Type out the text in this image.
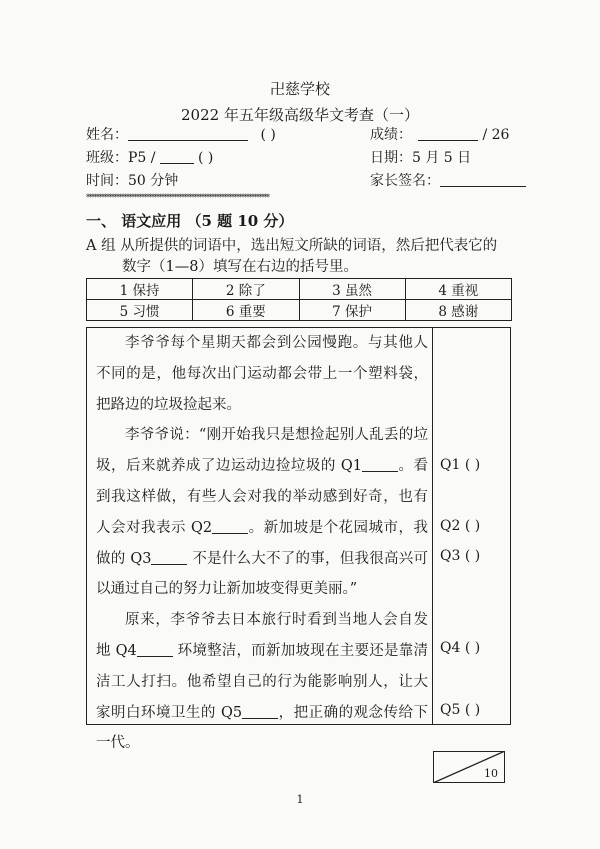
卍慈学校
2022 年五年级高级华文考查（一）
姓名：	( )	成绩：	/ 26
班级：P5 /	( )	日期：5 月 5 日
时间：50 分钟	家长签名：
*************************************************************************
一、 语文应用 （5 题 10 分）
A 组 从所提供的词语中，选出短文所缺的词语，然后把代表它的
数字（1—8）填写在右边的括号里。
1 保持	2 除了	3 虽然	4 重视
5 习惯	6 重要	7 保护	8 感谢

李爷爷每个星期天都会到公园慢跑。与其他人不同的是，他每次出门运动都会带上一个塑料袋，把路边的垃圾捡起来。

李爷爷说：“刚开始我只是想捡起别人乱丢的垃圾，后来就养成了边运动边捡垃圾的 Q1 。看到我这样做，有些人会对我的举动感到好奇，也有人会对我表示 Q2 。新加坡是个花园城市，我做的 Q3 不是什么大不了的事，但我很高兴可以通过自己的努力让新加坡变得更美丽。”

原来，李爷爷去日本旅行时看到当地人会自发地 Q4 环境整洁，而新加坡现在主要还是靠清洁工人打扫。他希望自己的行为能影响别人，让大家明白环境卫生的 Q5 ，把正确的观念传给下一代。

Q1 ( )
Q2 ( )
Q3 ( )
Q4 ( )
Q5 ( )
10
1
